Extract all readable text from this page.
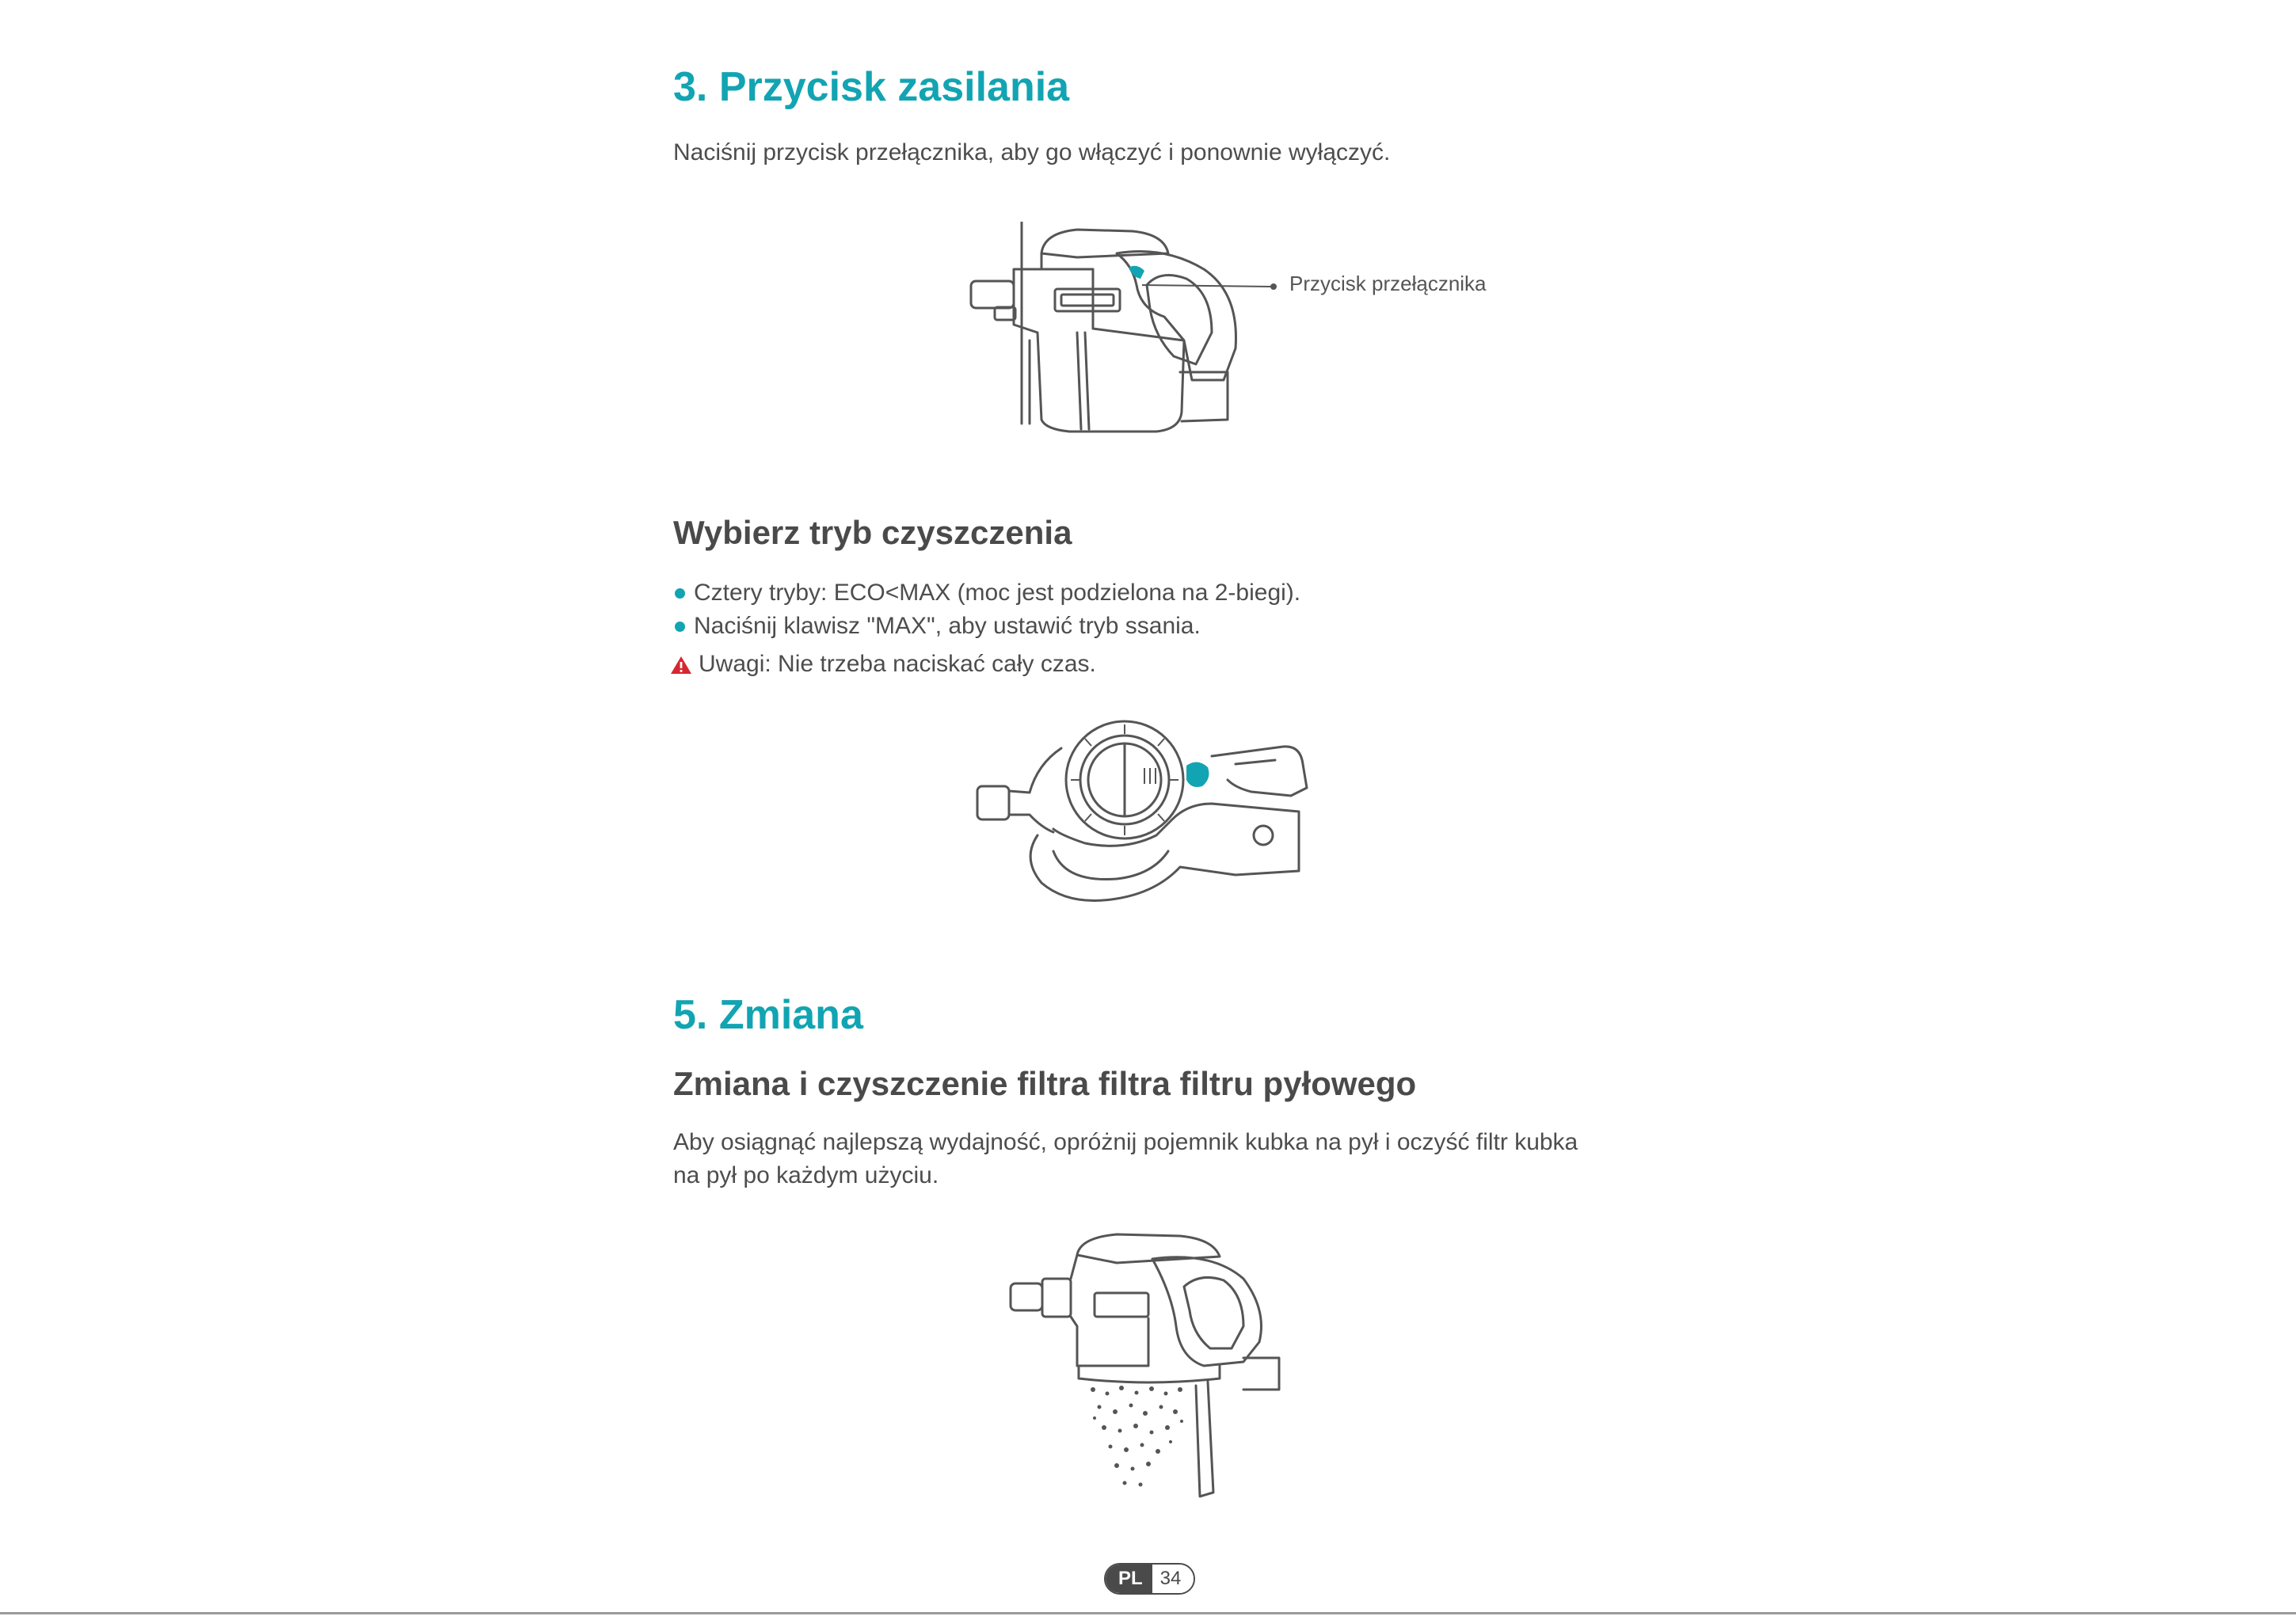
3. Przycisk zasilania

Naciśnij przycisk przełącznika, aby go włączyć i ponownie wyłączyć.

Przycisk przełącznika
Wybierz tryb czyszczenia
Cztery tryby: ECO<MAX (moc jest podzielona na 2-biegi).
Naciśnij klawisz "MAX", aby ustawić tryb ssania.
Uwagi: Nie trzeba naciskać cały czas.
5. Zmiana
Zmiana i czyszczenie filtra filtra filtru pyłowego

Aby osiągnąć najlepszą wydajność, opróżnij pojemnik kubka na pył i oczyść filtr kubka na pył po każdym użyciu.

PL 34
